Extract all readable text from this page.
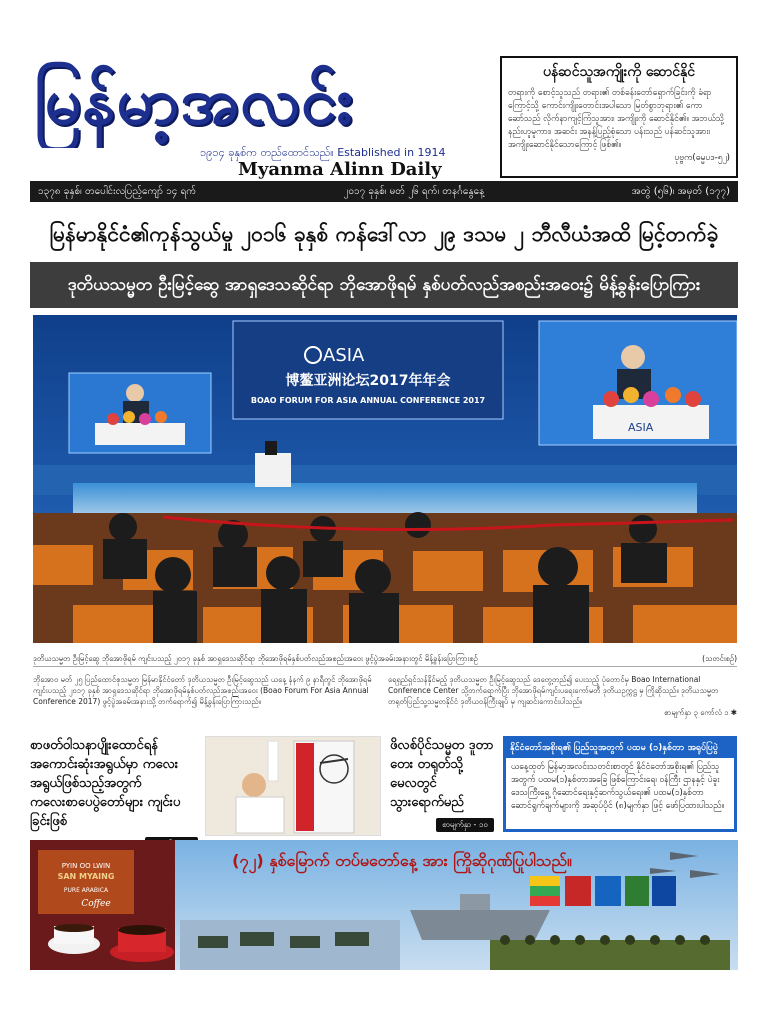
မြန်မာ့အလင်း
၁၉၁၄ ခုနှစ်က တည်ထောင်သည်။ Established in 1914
Myanma Alinn Daily
ပန်ဆင်သူအကျိုးကို ဆောင်နိုင်
တရားကို စောင့်သူသည် တရား၏ တစ်ခန်းတော်ရှောက်ခြင်းကို ခံရာကြောင့်သို့ ကောင်းကျိုးတောင်းအပါသော မြတ်စွာဘုရား၏ ကောဆော်သည် လိုက်နာကျင့်ကြံသူအား၊ အကျိုးကို ဆောင်နိုင်၏။ အဘယ်သို့ နည်းဟူမူကား၊ အဆင်း အနန့်ပြည့်စုံသော ပန်းသည် ပန်ဆင်သူအား၊ အကျိုးဆောင်နိုင်သောကြောင့် ဖြစ်၏။
ပုဗ္ဗက(ဓမ္မပဒ-၅၂)
၁၃၇၈ ခုနှစ်၊ တပေါင်းလပြည့်ကျော် ၁၄ ရက်	၂၀၁၇ ခုနှစ်၊ မတ် ၂၆ ရက်၊ တနင်္ဂနွေနေ့	အတွဲ (၅၆)၊ အမှတ် (၁၇၇)
မြန်မာနိုင်ငံ၏ကုန်သွယ်မှု ၂၀၁၆ ခုနှစ် ကန်ဒေါ်လာ ၂၉ ဒသမ ၂ ဘီလီယံအထိ မြင့်တက်ခဲ့
ဒုတိယသမ္မတ ဦးမြင့်ဆွေ အာရှဒေသဆိုင်ရာ ဘိုအောဖိုရမ် နှစ်ပတ်လည်အစည်းအဝေး၌ မိန့်ခွန်းပြောကြား
ASIA
博鳌亚洲论坛2017年年会
BOAO FORUM FOR ASIA ANNUAL CONFERENCE 2017
ASIA
ဒုတိယသမ္မတ ဦးမြင့်ဆွေ ဘိုအောဖိုရမ် ကျင်းပသည့် ၂၀၁၇ ခုနှစ် အာရှဒေသဆိုင်ရာ ဘိုအောဖိုရမ်နှစ်ပတ်လည်အစည်းအဝေး ဖွင့်ပွဲအခမ်းအနားတွင် မိန့်ခွန်းပြောကြားစဉ်	(သတင်းစဉ်)
ဘိုအောဝ မတ် ၂၅ ပြည်ထောင်စုသမ္မတ မြန်မာနိုင်ငံတော် ဒုတိယသမ္မတ ဦးမြင့်ဆွေသည် ယနေ့ နံနက် ၉ နာရီတွင် ဘိုအောဖိုရမ် ကျင်းပသည့် ၂၀၁၇ ခုနှစ် အာရှဒေသဆိုင်ရာ ဘိုအောဖိုရမ်နှစ်ပတ်လည်အစည်းအဝေး (Boao Forum For Asia Annual Conference 2017) ဖွင့်ပွဲအခမ်းအနားသို့ တက်ရောက်၍ မိန့်ခွန်းပြောကြားသည်။
ရေရှည်ရှင်သန်နိုင်မည့် ဒုတိယသမ္မတ ဦးမြင့်ဆွေသည် ဒေတွေ့တည်၍ ပေးသည့် ပုံတောင်မှ Boao International Conference Center သို့တက်ရောက်ပြီး ဘိုအောဖိုရမ်ကျင်းပရေးကော်မတီ ဒုတိယဥက္ကဋ္ဌ မှ ကြိုဆိုသည်။ ဒုတိယသမ္မတ တရုတ်ပြည်သူ့သမ္မတနိုင်ငံ ဒုတိယဝန်ကြီးချုပ် မှ ကျဆင်းကောင်းပါသည်။
စာမျက်နှာ ၃ ကော်လံ ၁ ✱
စာဖတ်ဝါသနာပျိုးထောင်ရန် အကောင်းဆုံးအရွယ်မှာ ကလေးအရွယ်ဖြစ်သည့်အတွက် ကလေးစာပေပွဲတော်များ ကျင်းပခြင်းဖြစ်
ဖိလစ်ပိုင်သမ္မတ ဒူတာတေး တရုတ်သို့ မေလတွင် သွားရောက်မည်
စာမျက်နှာ - ၁၀
နိုင်ငံတော်အစိုးရ၏ ပြည်သူအတွက် ပထမ (၁)နှစ်တာ အရုပ်ပြပွဲ
ယနေ့ထုတ် မြန်မာ့အလင်းသတင်းစာတွင် နိုင်ငံတော်အစိုးရ၏ ပြည်သူအတွက် ပထမ(၁)နှစ်တာအခြေ ဖြစ်ကြောင်းရေ၊ ဝန်ကြီး ဌာနနှင့် ပဲခူးဒေသကြီးရှေ့ ဂိုဆောင်ရေးနှင့်ဆက်သွယ်ရေး၏ ပထမ(၁)နှစ်တာ ဆောင်ရွက်ချက်များကို အဆုပ်ပိုင် (၈)မျက်နှာ ဖြင့် ဖော်ပြထားပါသည်။
PYIN OO LWIN
SAN MYAING
PURE ARABICA
Coffee
(၇၂) နှစ်မြောက် တပ်မတော်နေ့ အား ကြိုဆိုဂုဏ်ပြုပါသည်။
